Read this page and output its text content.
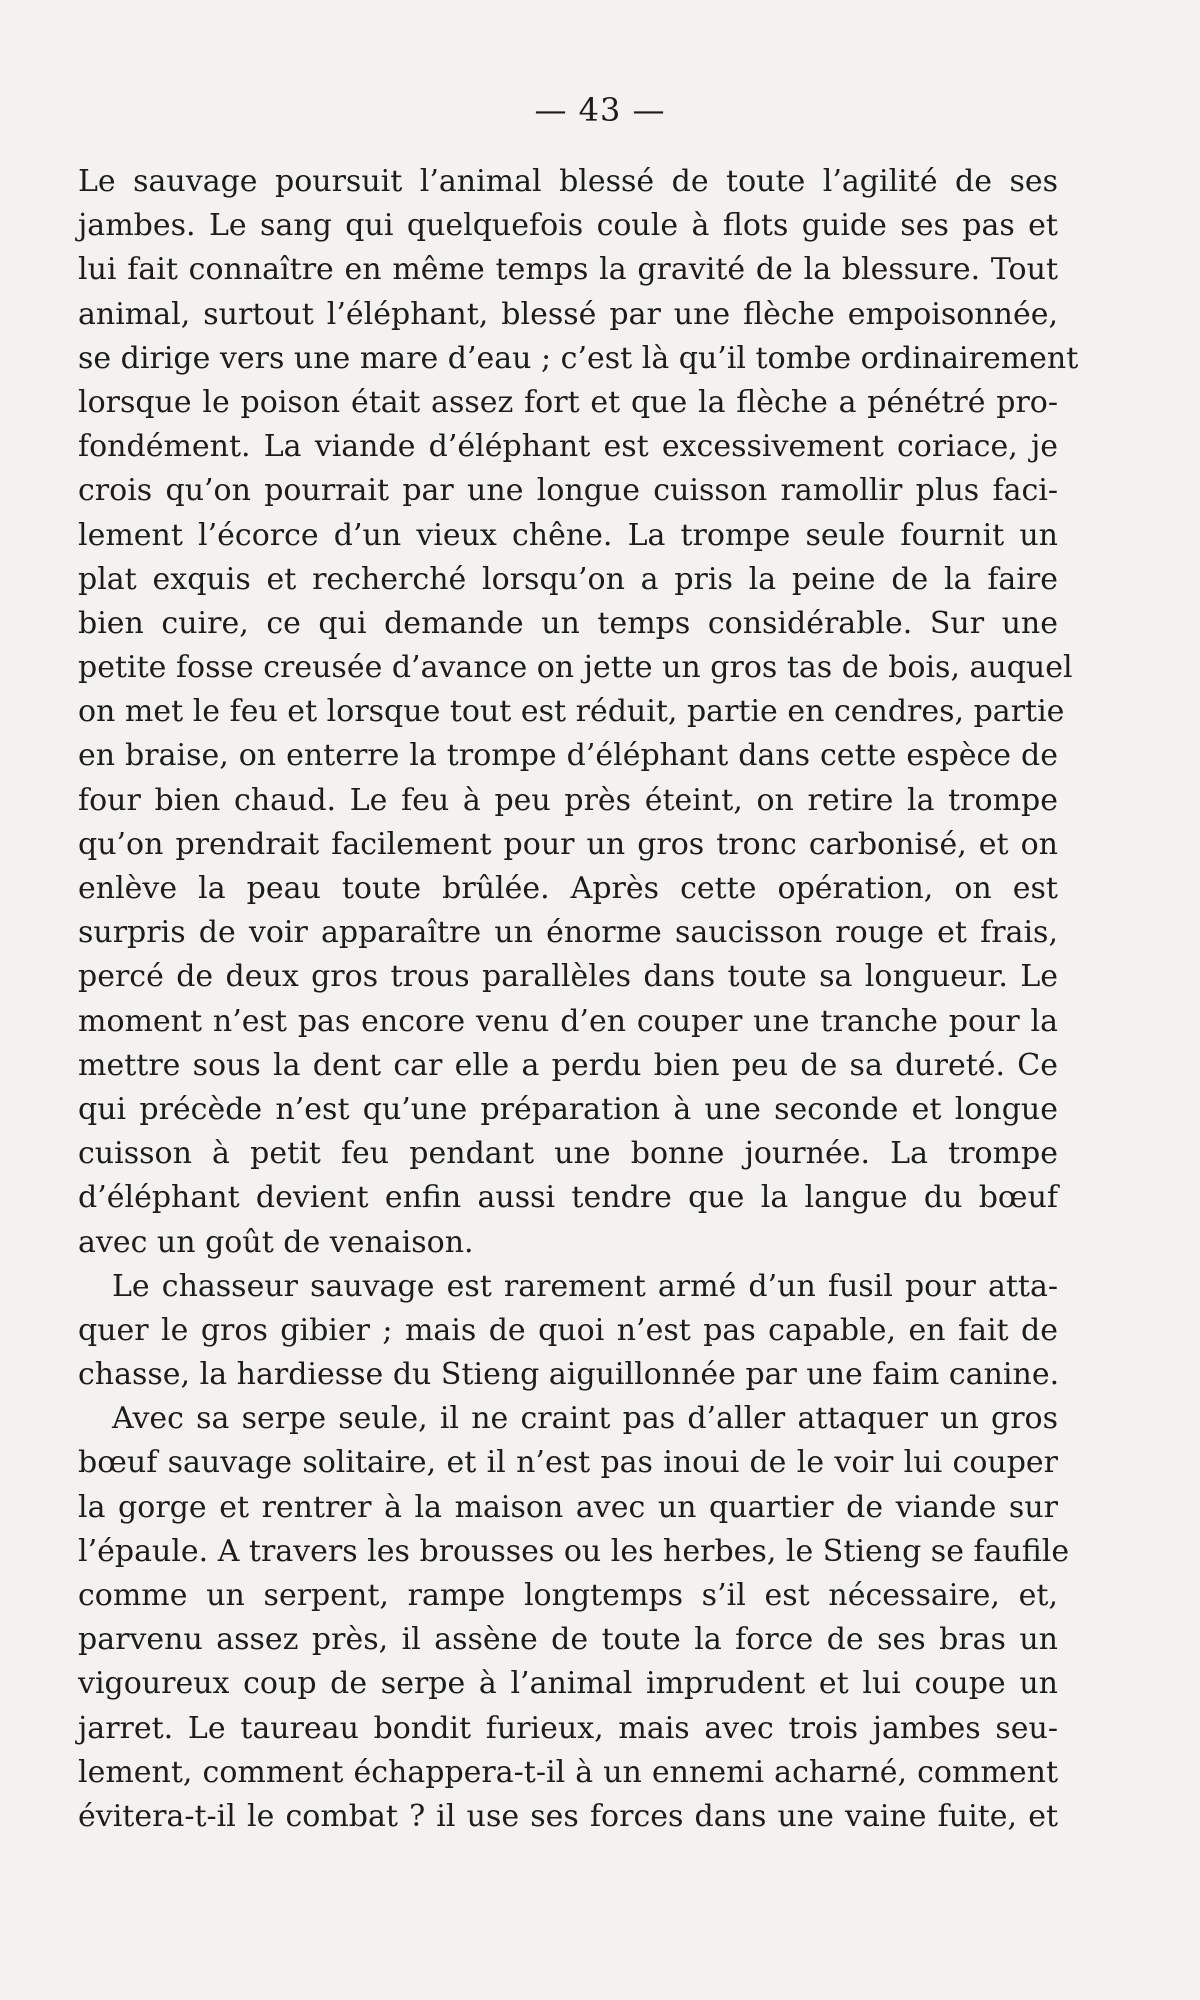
— 43 —
Le sauvage poursuit l’animal blessé de toute l’agilité de ses
jambes. Le sang qui quelquefois coule à flots guide ses pas et
lui fait connaître en même temps la gravité de la blessure. Tout
animal, surtout l’éléphant, blessé par une flèche empoisonnée,
se dirige vers une mare d’eau ; c’est là qu’il tombe ordinairement
lorsque le poison était assez fort et que la flèche a pénétré pro-
fondément. La viande d’éléphant est excessivement coriace, je
crois qu’on pourrait par une longue cuisson ramollir plus faci-
lement l’écorce d’un vieux chêne. La trompe seule fournit un
plat exquis et recherché lorsqu’on a pris la peine de la faire
bien cuire, ce qui demande un temps considérable. Sur une
petite fosse creusée d’avance on jette un gros tas de bois, auquel
on met le feu et lorsque tout est réduit, partie en cendres, partie
en braise, on enterre la trompe d’éléphant dans cette espèce de
four bien chaud. Le feu à peu près éteint, on retire la trompe
qu’on prendrait facilement pour un gros tronc carbonisé, et on
enlève la peau toute brûlée. Après cette opération, on est
surpris de voir apparaître un énorme saucisson rouge et frais,
percé de deux gros trous parallèles dans toute sa longueur. Le
moment n’est pas encore venu d’en couper une tranche pour la
mettre sous la dent car elle a perdu bien peu de sa dureté. Ce
qui précède n’est qu’une préparation à une seconde et longue
cuisson à petit feu pendant une bonne journée. La trompe
d’éléphant devient enfin aussi tendre que la langue du bœuf
avec un goût de venaison.
Le chasseur sauvage est rarement armé d’un fusil pour atta-
quer le gros gibier ; mais de quoi n’est pas capable, en fait de
chasse, la hardiesse du Stieng aiguillonnée par une faim canine.
Avec sa serpe seule, il ne craint pas d’aller attaquer un gros
bœuf sauvage solitaire, et il n’est pas inoui de le voir lui couper
la gorge et rentrer à la maison avec un quartier de viande sur
l’épaule. A travers les brousses ou les herbes, le Stieng se faufile
comme un serpent, rampe longtemps s’il est nécessaire, et,
parvenu assez près, il assène de toute la force de ses bras un
vigoureux coup de serpe à l’animal imprudent et lui coupe un
jarret. Le taureau bondit furieux, mais avec trois jambes seu-
lement, comment échappera-t-il à un ennemi acharné, comment
évitera-t-il le combat ? il use ses forces dans une vaine fuite, et
